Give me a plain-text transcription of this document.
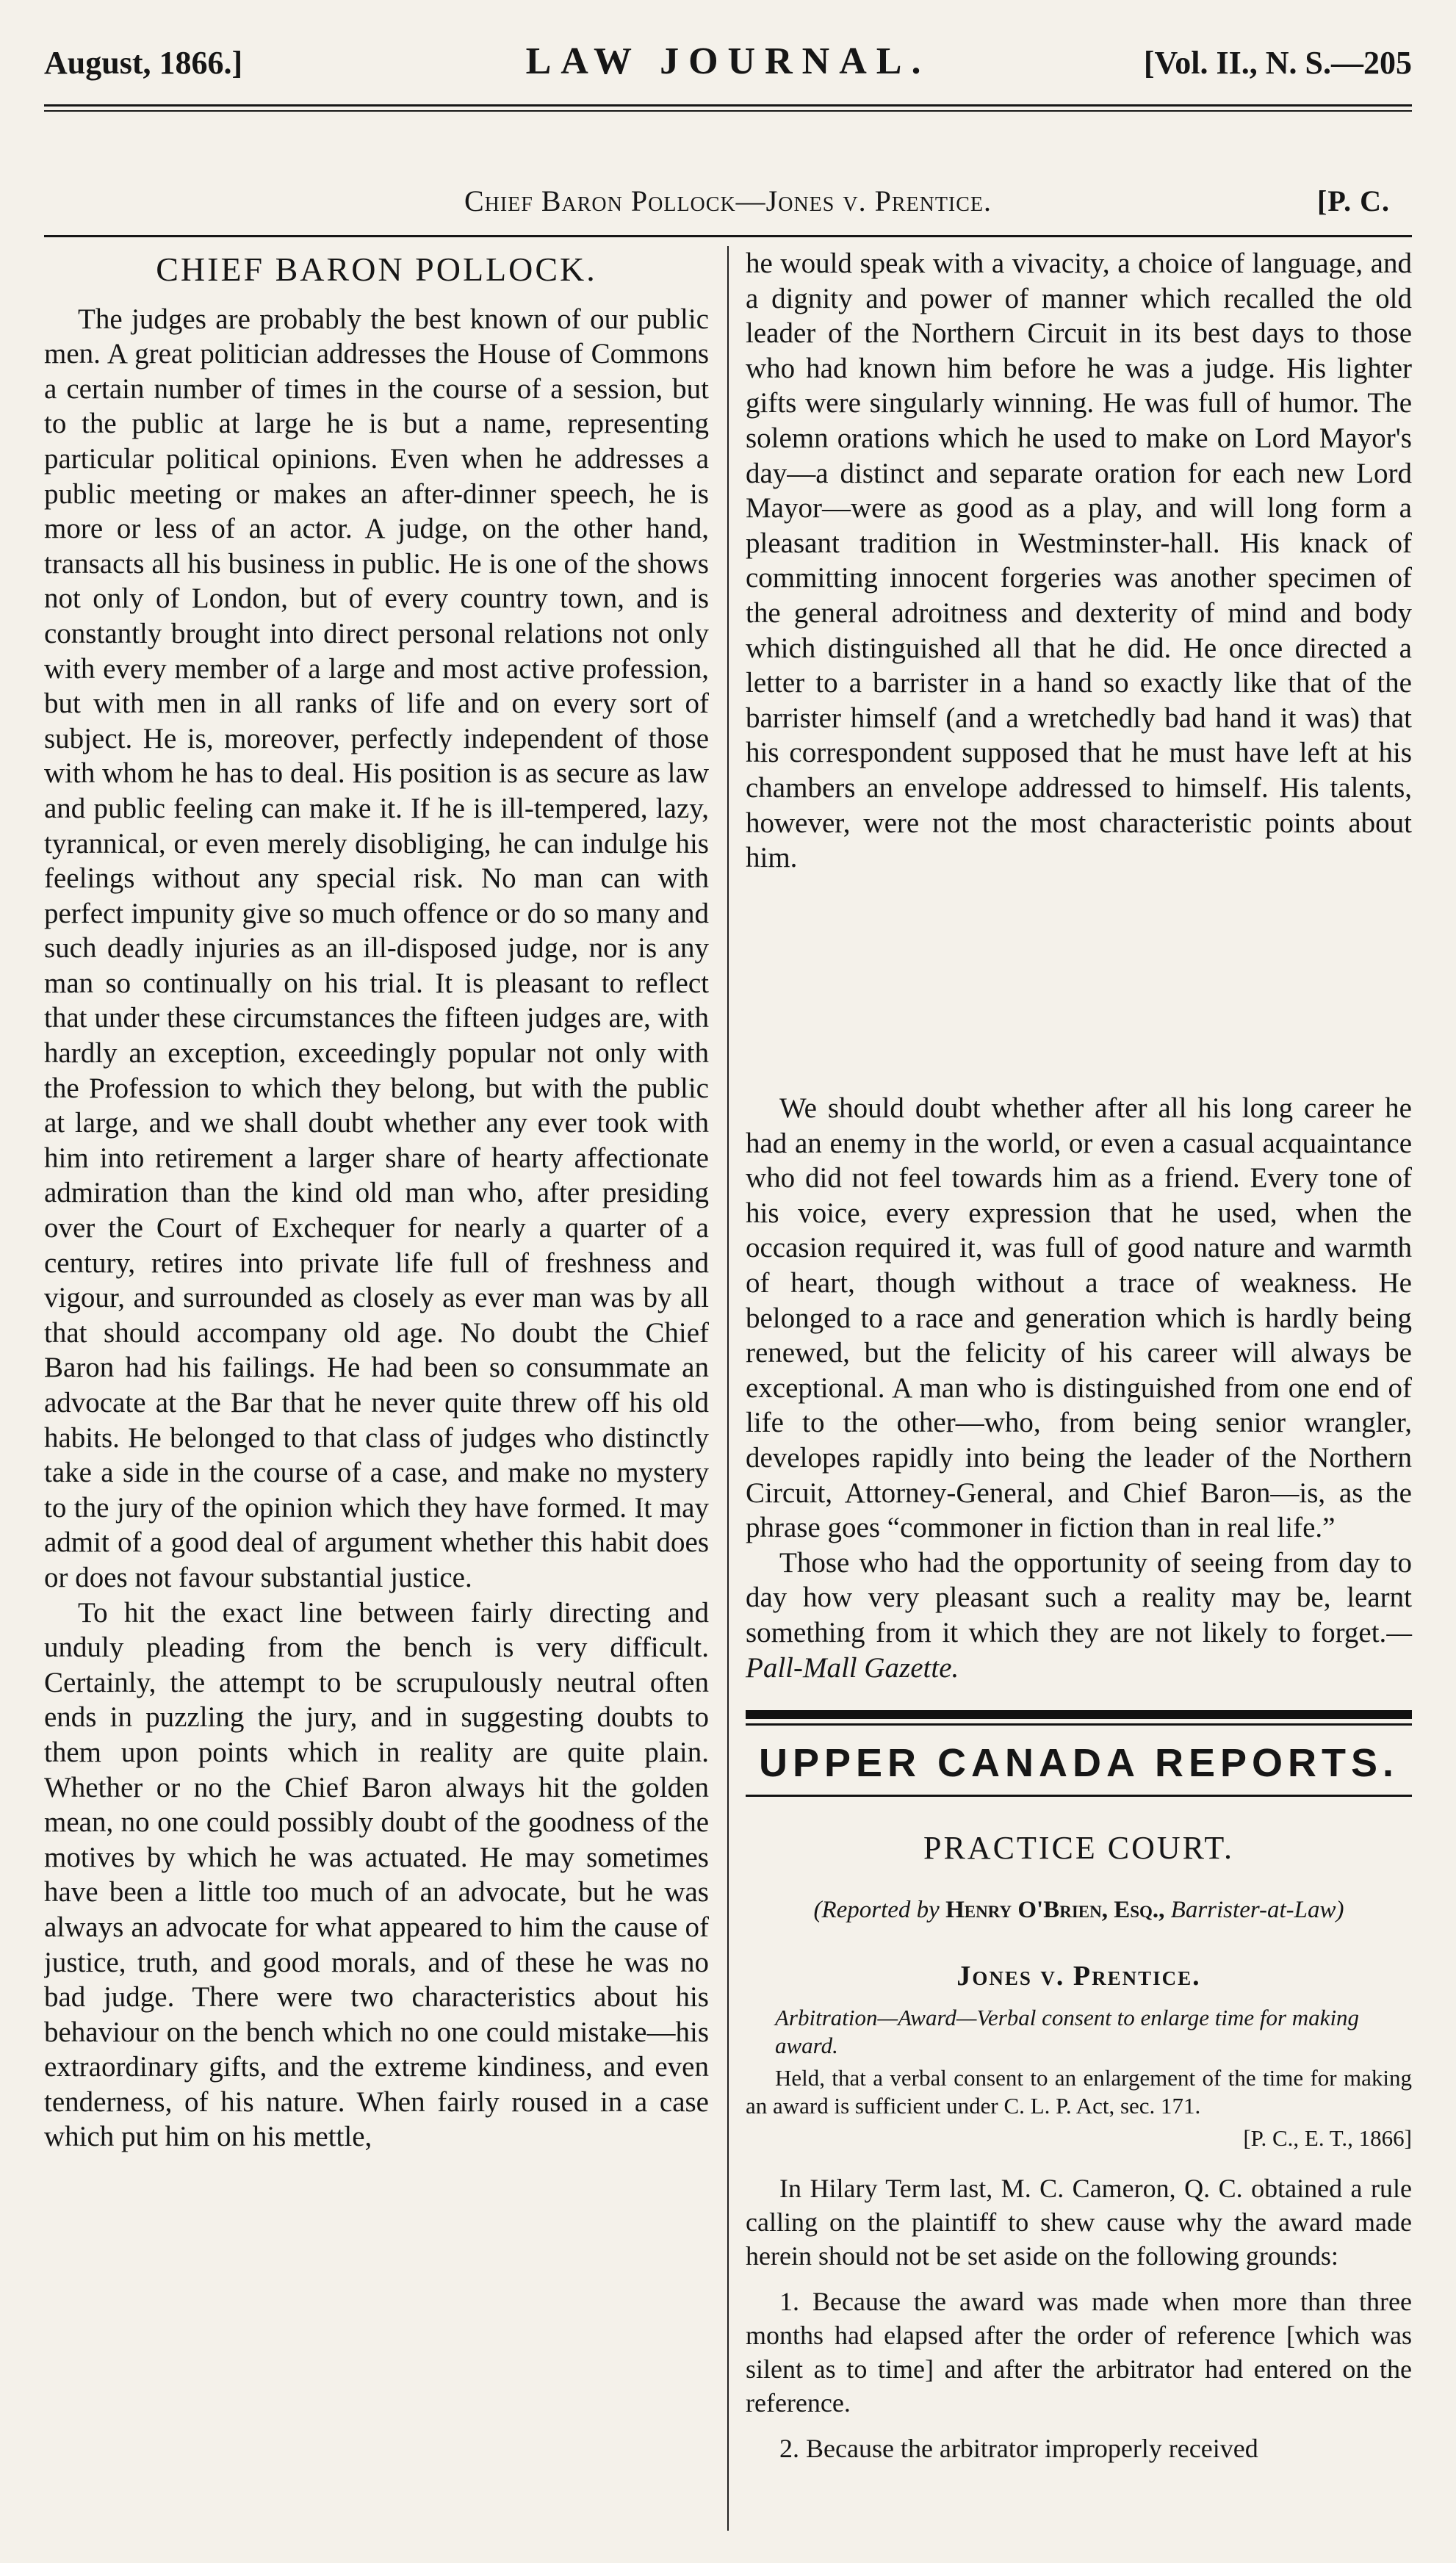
August, 1866.]	LAW JOURNAL.	[Vol. II., N. S.—205
Chief Baron Pollock—Jones v. Prentice.	[P. C.
CHIEF BARON POLLOCK.

The judges are probably the best known of our public men. A great politician addresses the House of Commons a certain number of times in the course of a session, but to the public at large he is but a name, representing particular political opinions. Even when he addresses a public meeting or makes an after-dinner speech, he is more or less of an actor. A judge, on the other hand, transacts all his business in public. He is one of the shows not only of London, but of every country town, and is constantly brought into direct personal relations not only with every member of a large and most active profession, but with men in all ranks of life and on every sort of subject. He is, moreover, perfectly independent of those with whom he has to deal. His position is as secure as law and public feeling can make it. If he is ill-tempered, lazy, tyrannical, or even merely disobliging, he can indulge his feelings without any special risk. No man can with perfect impunity give so much offence or do so many and such deadly injuries as an ill-disposed judge, nor is any man so continually on his trial. It is pleasant to reflect that under these circumstances the fifteen judges are, with hardly an exception, exceedingly popular not only with the Profession to which they belong, but with the public at large, and we shall doubt whether any ever took with him into retirement a larger share of hearty affectionate admiration than the kind old man who, after presiding over the Court of Exchequer for nearly a quarter of a century, retires into private life full of freshness and vigour, and surrounded as closely as ever man was by all that should accompany old age. No doubt the Chief Baron had his failings. He had been so consummate an advocate at the Bar that he never quite threw off his old habits. He belonged to that class of judges who distinctly take a side in the course of a case, and make no mystery to the jury of the opinion which they have formed. It may admit of a good deal of argument whether this habit does or does not favour substantial justice.

To hit the exact line between fairly directing and unduly pleading from the bench is very difficult. Certainly, the attempt to be scrupulously neutral often ends in puzzling the jury, and in suggesting doubts to them upon points which in reality are quite plain. Whether or no the Chief Baron always hit the golden mean, no one could possibly doubt of the goodness of the motives by which he was actuated. He may sometimes have been a little too much of an advocate, but he was always an advocate for what appeared to him the cause of justice, truth, and good morals, and of these he was no bad judge. There were two characteristics about his behaviour on the bench which no one could mistake—his extraordinary gifts, and the extreme kindiness, and even tenderness, of his nature. When fairly roused in a case which put him on his mettle,

he would speak with a vivacity, a choice of language, and a dignity and power of manner which recalled the old leader of the Northern Circuit in its best days to those who had known him before he was a judge. His lighter gifts were singularly winning. He was full of humor. The solemn orations which he used to make on Lord Mayor's day—a distinct and separate oration for each new Lord Mayor—were as good as a play, and will long form a pleasant tradition in Westminster-hall. His knack of committing innocent forgeries was another specimen of the general adroitness and dexterity of mind and body which distinguished all that he did. He once directed a letter to a barrister in a hand so exactly like that of the barrister himself (and a wretchedly bad hand it was) that his correspondent supposed that he must have left at his chambers an envelope addressed to himself. His talents, however, were not the most characteristic points about him.

We should doubt whether after all his long career he had an enemy in the world, or even a casual acquaintance who did not feel towards him as a friend. Every tone of his voice, every expression that he used, when the occasion required it, was full of good nature and warmth of heart, though without a trace of weakness. He belonged to a race and generation which is hardly being renewed, but the felicity of his career will always be exceptional. A man who is distinguished from one end of life to the other—who, from being senior wrangler, developes rapidly into being the leader of the Northern Circuit, Attorney-General, and Chief Baron—is, as the phrase goes “commoner in fiction than in real life.”

Those who had the opportunity of seeing from day to day how very pleasant such a reality may be, learnt something from it which they are not likely to forget.—Pall-Mall Gazette.

UPPER CANADA REPORTS.
PRACTICE COURT.
(Reported by Henry O'Brien, Esq., Barrister-at-Law)
Jones v. Prentice.

Arbitration—Award—Verbal consent to enlarge time for making award.

Held, that a verbal consent to an enlargement of the time for making an award is sufficient under C. L. P. Act, sec. 171.

[P. C., E. T., 1866]

In Hilary Term last, M. C. Cameron, Q. C. obtained a rule calling on the plaintiff to shew cause why the award made herein should not be set aside on the following grounds:

1. Because the award was made when more than three months had elapsed after the order of reference [which was silent as to time] and after the arbitrator had entered on the reference.

2. Because the arbitrator improperly received
